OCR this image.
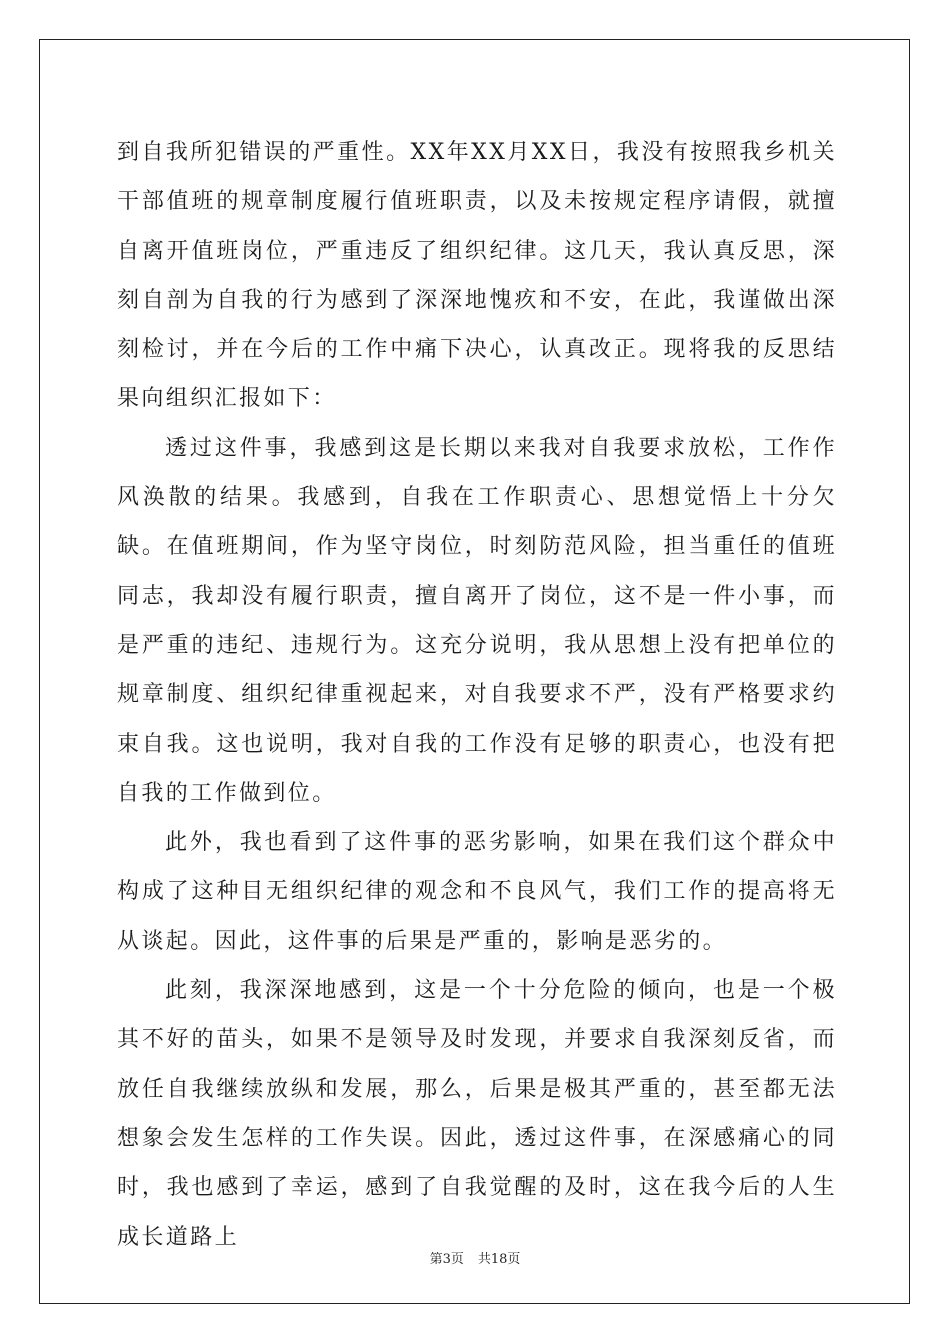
到自我所犯错误的严重性。XX年XX月XX日，我没有按照我乡机关干部值班的规章制度履行值班职责，以及未按规定程序请假，就擅自离开值班岗位，严重违反了组织纪律。这几天，我认真反思，深刻自剖为自我的行为感到了深深地愧疚和不安，在此，我谨做出深刻检讨，并在今后的工作中痛下决心，认真改正。现将我的反思结果向组织汇报如下：

透过这件事，我感到这是长期以来我对自我要求放松，工作作风涣散的结果。我感到，自我在工作职责心、思想觉悟上十分欠缺。在值班期间，作为坚守岗位，时刻防范风险，担当重任的值班同志，我却没有履行职责，擅自离开了岗位，这不是一件小事，而是严重的违纪、违规行为。这充分说明，我从思想上没有把单位的规章制度、组织纪律重视起来，对自我要求不严，没有严格要求约束自我。这也说明，我对自我的工作没有足够的职责心，也没有把自我的工作做到位。

此外，我也看到了这件事的恶劣影响，如果在我们这个群众中构成了这种目无组织纪律的观念和不良风气，我们工作的提高将无从谈起。因此，这件事的后果是严重的，影响是恶劣的。

此刻，我深深地感到，这是一个十分危险的倾向，也是一个极其不好的苗头，如果不是领导及时发现，并要求自我深刻反省，而放任自我继续放纵和发展，那么，后果是极其严重的，甚至都无法想象会发生怎样的工作失误。因此，透过这件事，在深感痛心的同时，我也感到了幸运，感到了自我觉醒的及时，这在我今后的人生成长道路上

第3页 共18页
